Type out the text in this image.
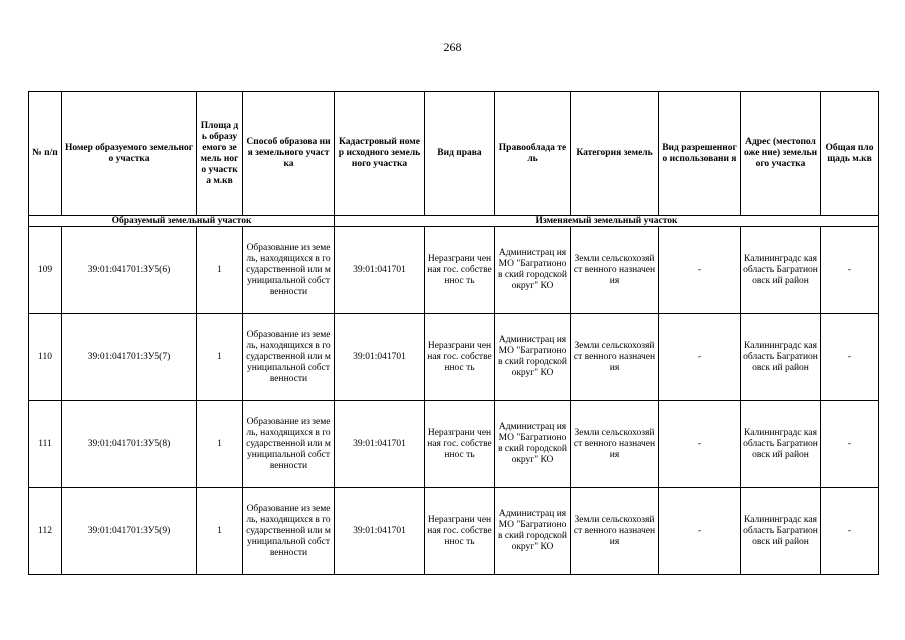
268
№ п/п	Номер образуемого земельного участка	Площа дь образу емого земель ного участк а м.кв	Способ образова ния земельного участка	Кадастровый номер исходного земельного участка	Вид права	Правооблада тель	Категория земель	Вид разрешенного использовани я	Адрес (местоположе ние) земельного участка	Общая площадь м.кв
Образуемый земельный участок				Изменяемый земельный участок						
109	39:01:041701:ЗУ5(6)	1	Образование из земель, находящихся в государственной или муниципальной собственности	39:01:041701	Неразграни ченная гос. собственнос ть	Администрац ия МО "Багратионов ский городской округ" КО	Земли сельскохозяйст венного назначения	-	Калининградс кая область Багратионовск ий район	-
110	39:01:041701:ЗУ5(7)	1	Образование из земель, находящихся в государственной или муниципальной собственности	39:01:041701	Неразграни ченная гос. собственнос ть	Администрац ия МО "Багратионов ский городской округ" КО	Земли сельскохозяйст венного назначения	-	Калининградс кая область Багратионовск ий район	-
111	39:01:041701:ЗУ5(8)	1	Образование из земель, находящихся в государственной или муниципальной собственности	39:01:041701	Неразграни ченная гос. собственнос ть	Администрац ия МО "Багратионов ский городской округ" КО	Земли сельскохозяйст венного назначения	-	Калининградс кая область Багратионовск ий район	-
112	39:01:041701:ЗУ5(9)	1	Образование из земель, находящихся в государственной или муниципальной собственности	39:01:041701	Неразграни ченная гос. собственнос ть	Администрац ия МО "Багратионов ский городской округ" КО	Земли сельскохозяйст венного назначения	-	Калининградс кая область Багратионовск ий район	-
